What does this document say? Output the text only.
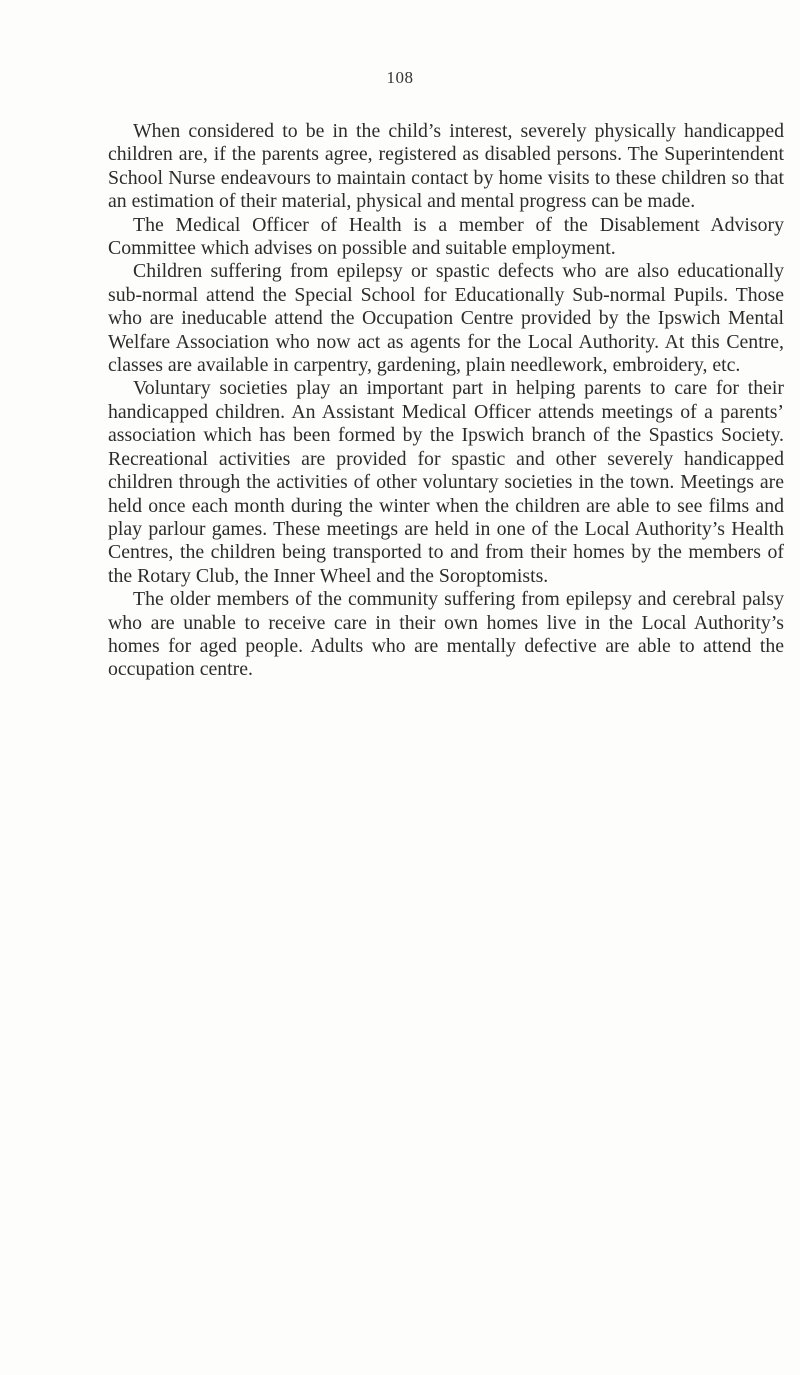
108

When considered to be in the child’s interest, severely physically handicapped children are, if the parents agree, registered as disabled persons. The Superintendent School Nurse endeavours to maintain contact by home visits to these children so that an estimation of their material, physical and mental progress can be made.

The Medical Officer of Health is a member of the Disablement Advisory Committee which advises on possible and suitable employment.

Children suffering from epilepsy or spastic defects who are also educationally sub-normal attend the Special School for Educationally Sub-normal Pupils. Those who are ineducable attend the Occupation Centre provided by the Ipswich Mental Welfare Association who now act as agents for the Local Authority. At this Centre, classes are available in carpentry, gardening, plain needlework, embroidery, etc.

Voluntary societies play an important part in helping parents to care for their handicapped children. An Assistant Medical Officer attends meetings of a parents’ association which has been formed by the Ipswich branch of the Spastics Society. Recreational activities are provided for spastic and other severely handicapped children through the activities of other voluntary societies in the town. Meetings are held once each month during the winter when the children are able to see films and play parlour games. These meetings are held in one of the Local Authority’s Health Centres, the children being transported to and from their homes by the members of the Rotary Club, the Inner Wheel and the Soroptomists.

The older members of the community suffering from epilepsy and cerebral palsy who are unable to receive care in their own homes live in the Local Authority’s homes for aged people. Adults who are mentally defective are able to attend the occupation centre.
